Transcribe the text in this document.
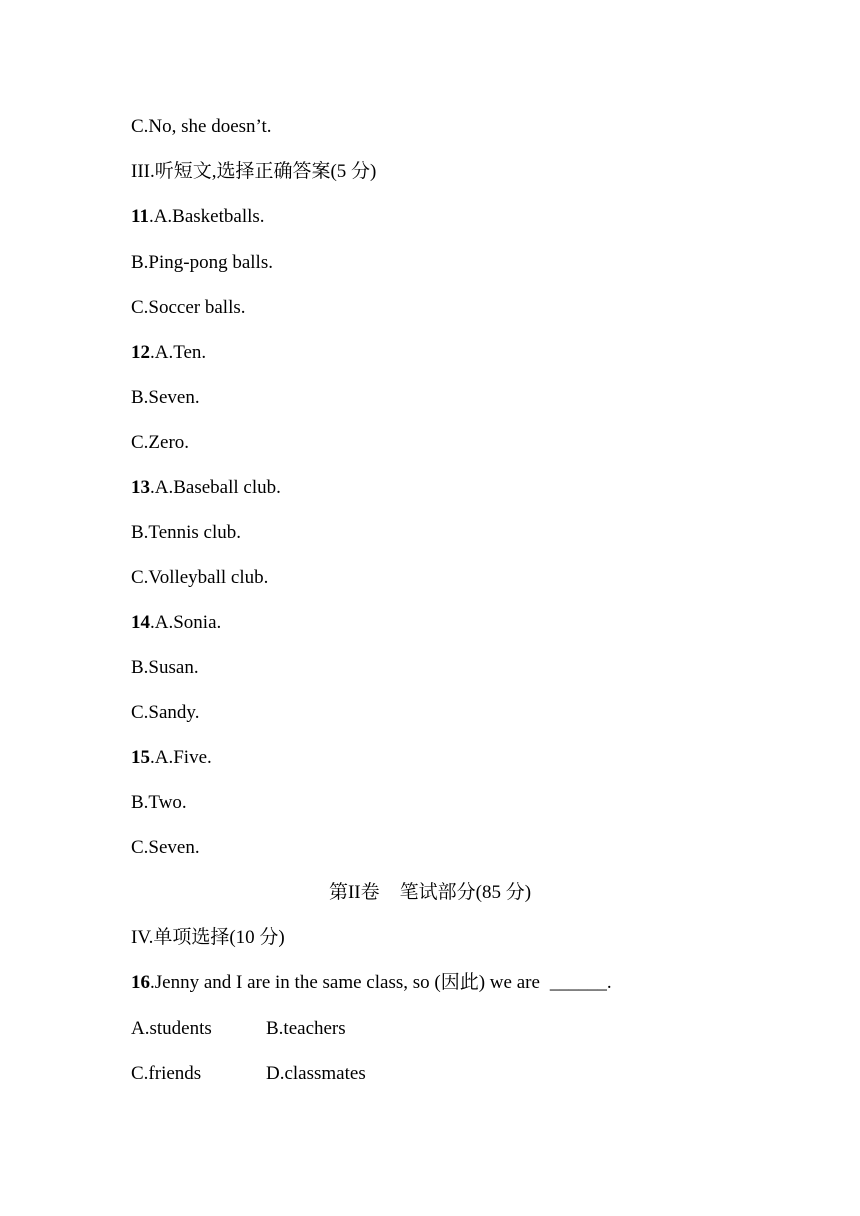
C.No, she doesn’t.
III.听短文,选择正确答案(5 分)
11.A.Basketballs.
B.Ping-pong balls.
C.Soccer balls.
12.A.Ten.
B.Seven.
C.Zero.
13.A.Baseball club.
B.Tennis club.
C.Volleyball club.
14.A.Sonia.
B.Susan.
C.Sandy.
15.A.Five.
B.Two.
C.Seven.
第II卷 笔试部分(85 分)
IV.单项选择(10 分)
16.Jenny and I are in the same class, so (因此) we are ______.
A.students	B.teachers
C.friends	D.classmates
